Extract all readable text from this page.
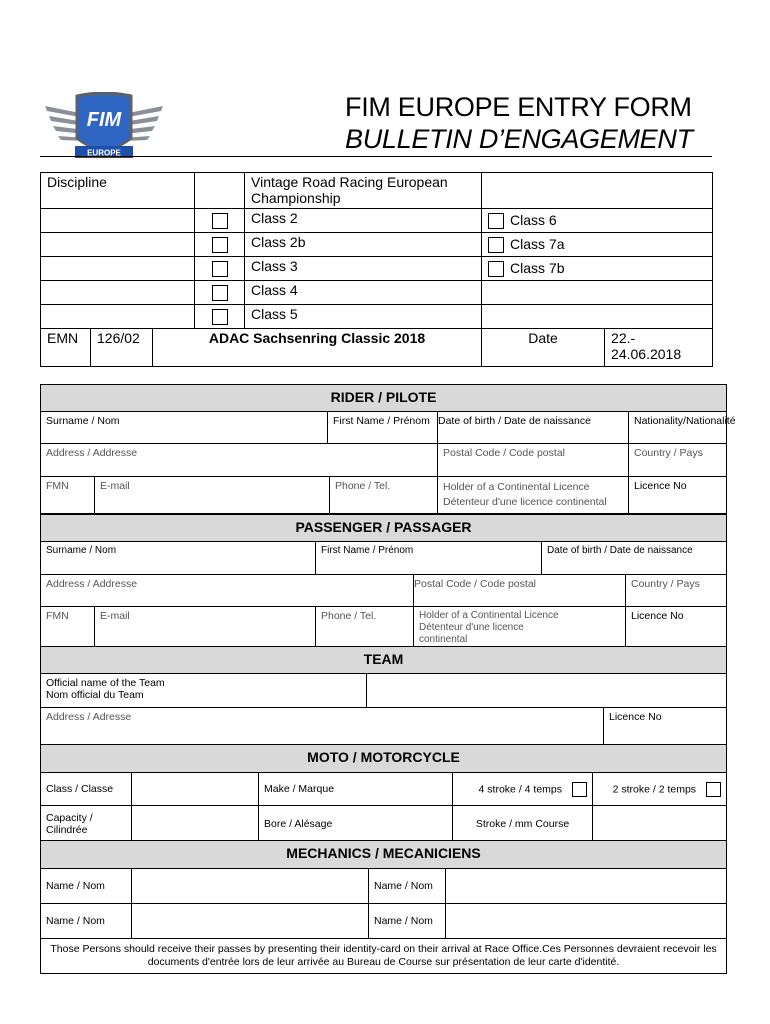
FIM
EUROPE
FIM EUROPE ENTRY FORM
BULLETIN D’ENGAGEMENT
Discipline				Vintage Road Racing European Championship		
				Class 2	Class 6	
				Class 2b	Class 7a	
				Class 3	Class 7b	
				Class 4		
				Class 5		
EMN	126/02	ADAC Sachsenring Classic 2018			Date	22.-
24.06.2018
RIDER / PILOTE					
Surname / Nom		First Name / Prénom		Date of birth / Date de naissance	Nationality/Nationalité
Address / Addresse				Postal Code / Code postal	Country / Pays
FMN	E-mail		Phone / Tel.	Holder of a Continental Licence
Détenteur d'une licence continental	Licence No
PASSENGER / PASSAGER					
Surname / Nom		First Name / Prénom		Date of birth / Date de naissance	
Address / Addresse			Postal Code / Code postal		Country / Pays
FMN	E-mail	Phone / Tel.	Holder of a Continental Licence
Détenteur d'une licence
continental		Licence No
TEAM		
Official name of the Team
Nom official du Team		
Address / Adresse		Licence No
MOTO / MOTORCYCLE				
Class / Classe		Make / Marque	4 stroke / 4 temps	2 stroke / 2 temps
Capacity /
Cilindrée		Bore / Alésage	Stroke / mm Course	
MECHANICS / MECANICIENS			
Name / Nom		Name / Nom	
Name / Nom		Name / Nom	
Those Persons should receive their passes by presenting their identity-card on their arrival at Race Office.Ces Personnes devraient recevoir les documents d'entrée lors de leur arrivée au Bureau de Course sur présentation de leur carte d'identité.			
